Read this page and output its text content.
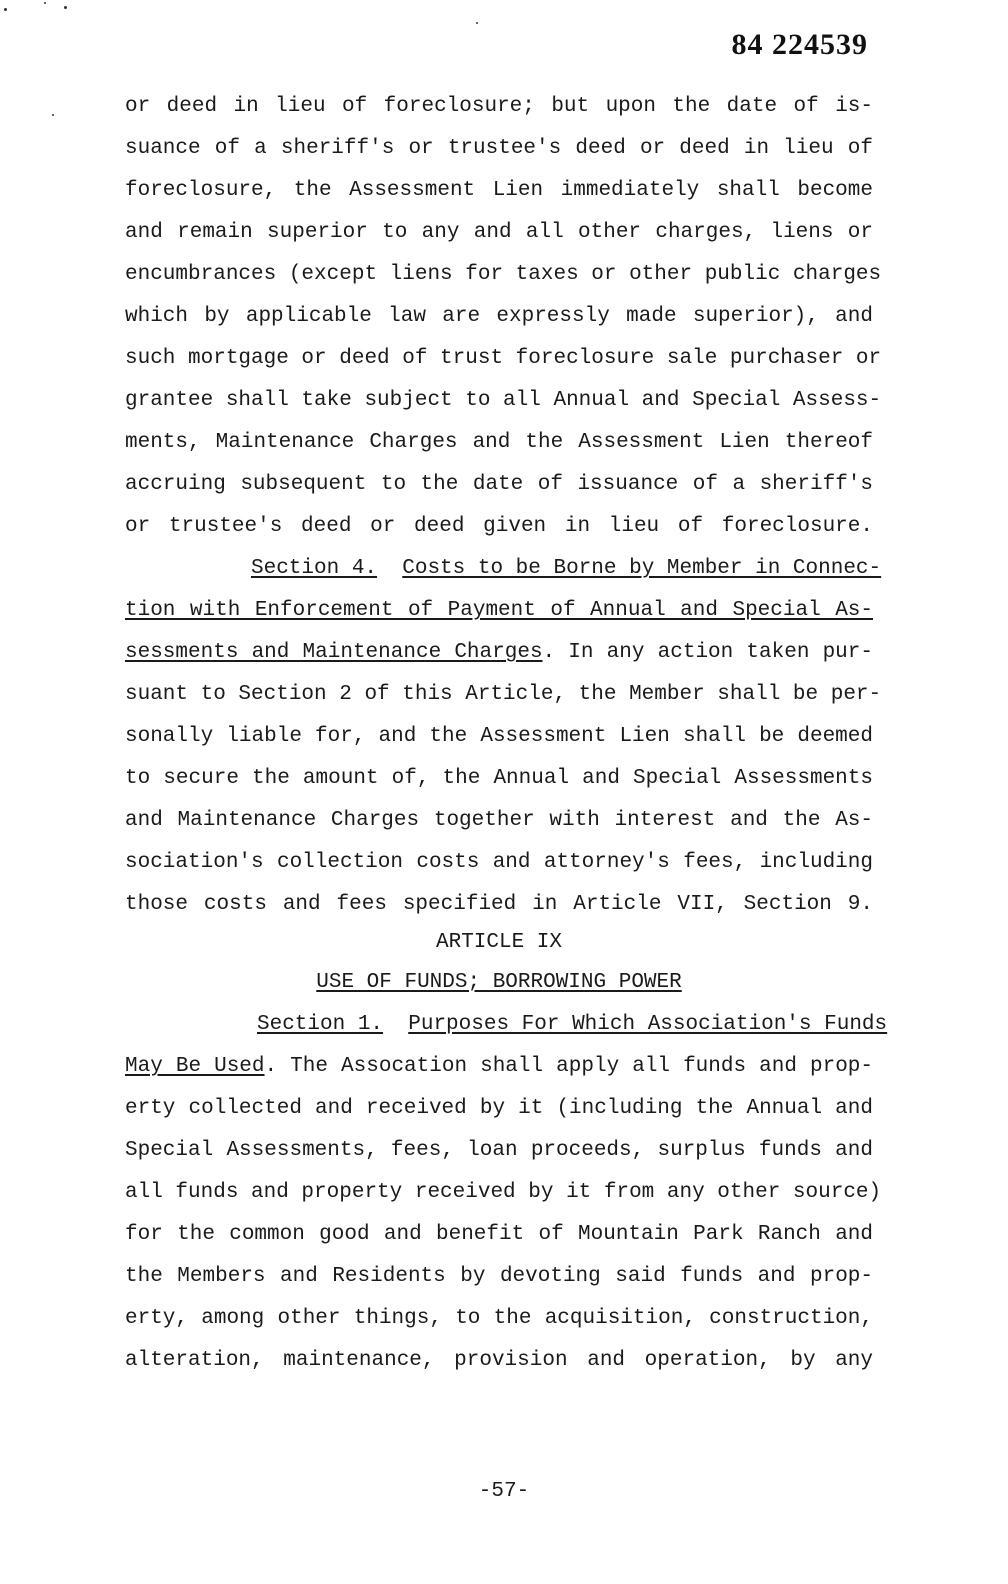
84 224539
or deed in lieu of foreclosure; but upon the date of is-
suance of a sheriff's or trustee's deed or deed in lieu of
foreclosure, the Assessment Lien immediately shall become
and remain superior to any and all other charges, liens or
encumbrances (except liens for taxes or other public charges
which by applicable law are expressly made superior), and
such mortgage or deed of trust foreclosure sale purchaser or
grantee shall take subject to all Annual and Special Assess-
ments, Maintenance Charges and the Assessment Lien thereof
accruing subsequent to the date of issuance of a sheriff's
or trustee's deed or deed given in lieu of foreclosure.
Section 4. Costs to be Borne by Member in Connec-
tion with Enforcement of Payment of Annual and Special As-
sessments and Maintenance Charges. In any action taken pur-
suant to Section 2 of this Article, the Member shall be per-
sonally liable for, and the Assessment Lien shall be deemed
to secure the amount of, the Annual and Special Assessments
and Maintenance Charges together with interest and the As-
sociation's collection costs and attorney's fees, including
those costs and fees specified in Article VII, Section 9.
ARTICLE IX
USE OF FUNDS; BORROWING POWER
Section 1. Purposes For Which Association's Funds
May Be Used. The Assocation shall apply all funds and prop-
erty collected and received by it (including the Annual and
Special Assessments, fees, loan proceeds, surplus funds and
all funds and property received by it from any other source)
for the common good and benefit of Mountain Park Ranch and
the Members and Residents by devoting said funds and prop-
erty, among other things, to the acquisition, construction,
alteration, maintenance, provision and operation, by any
-57-
